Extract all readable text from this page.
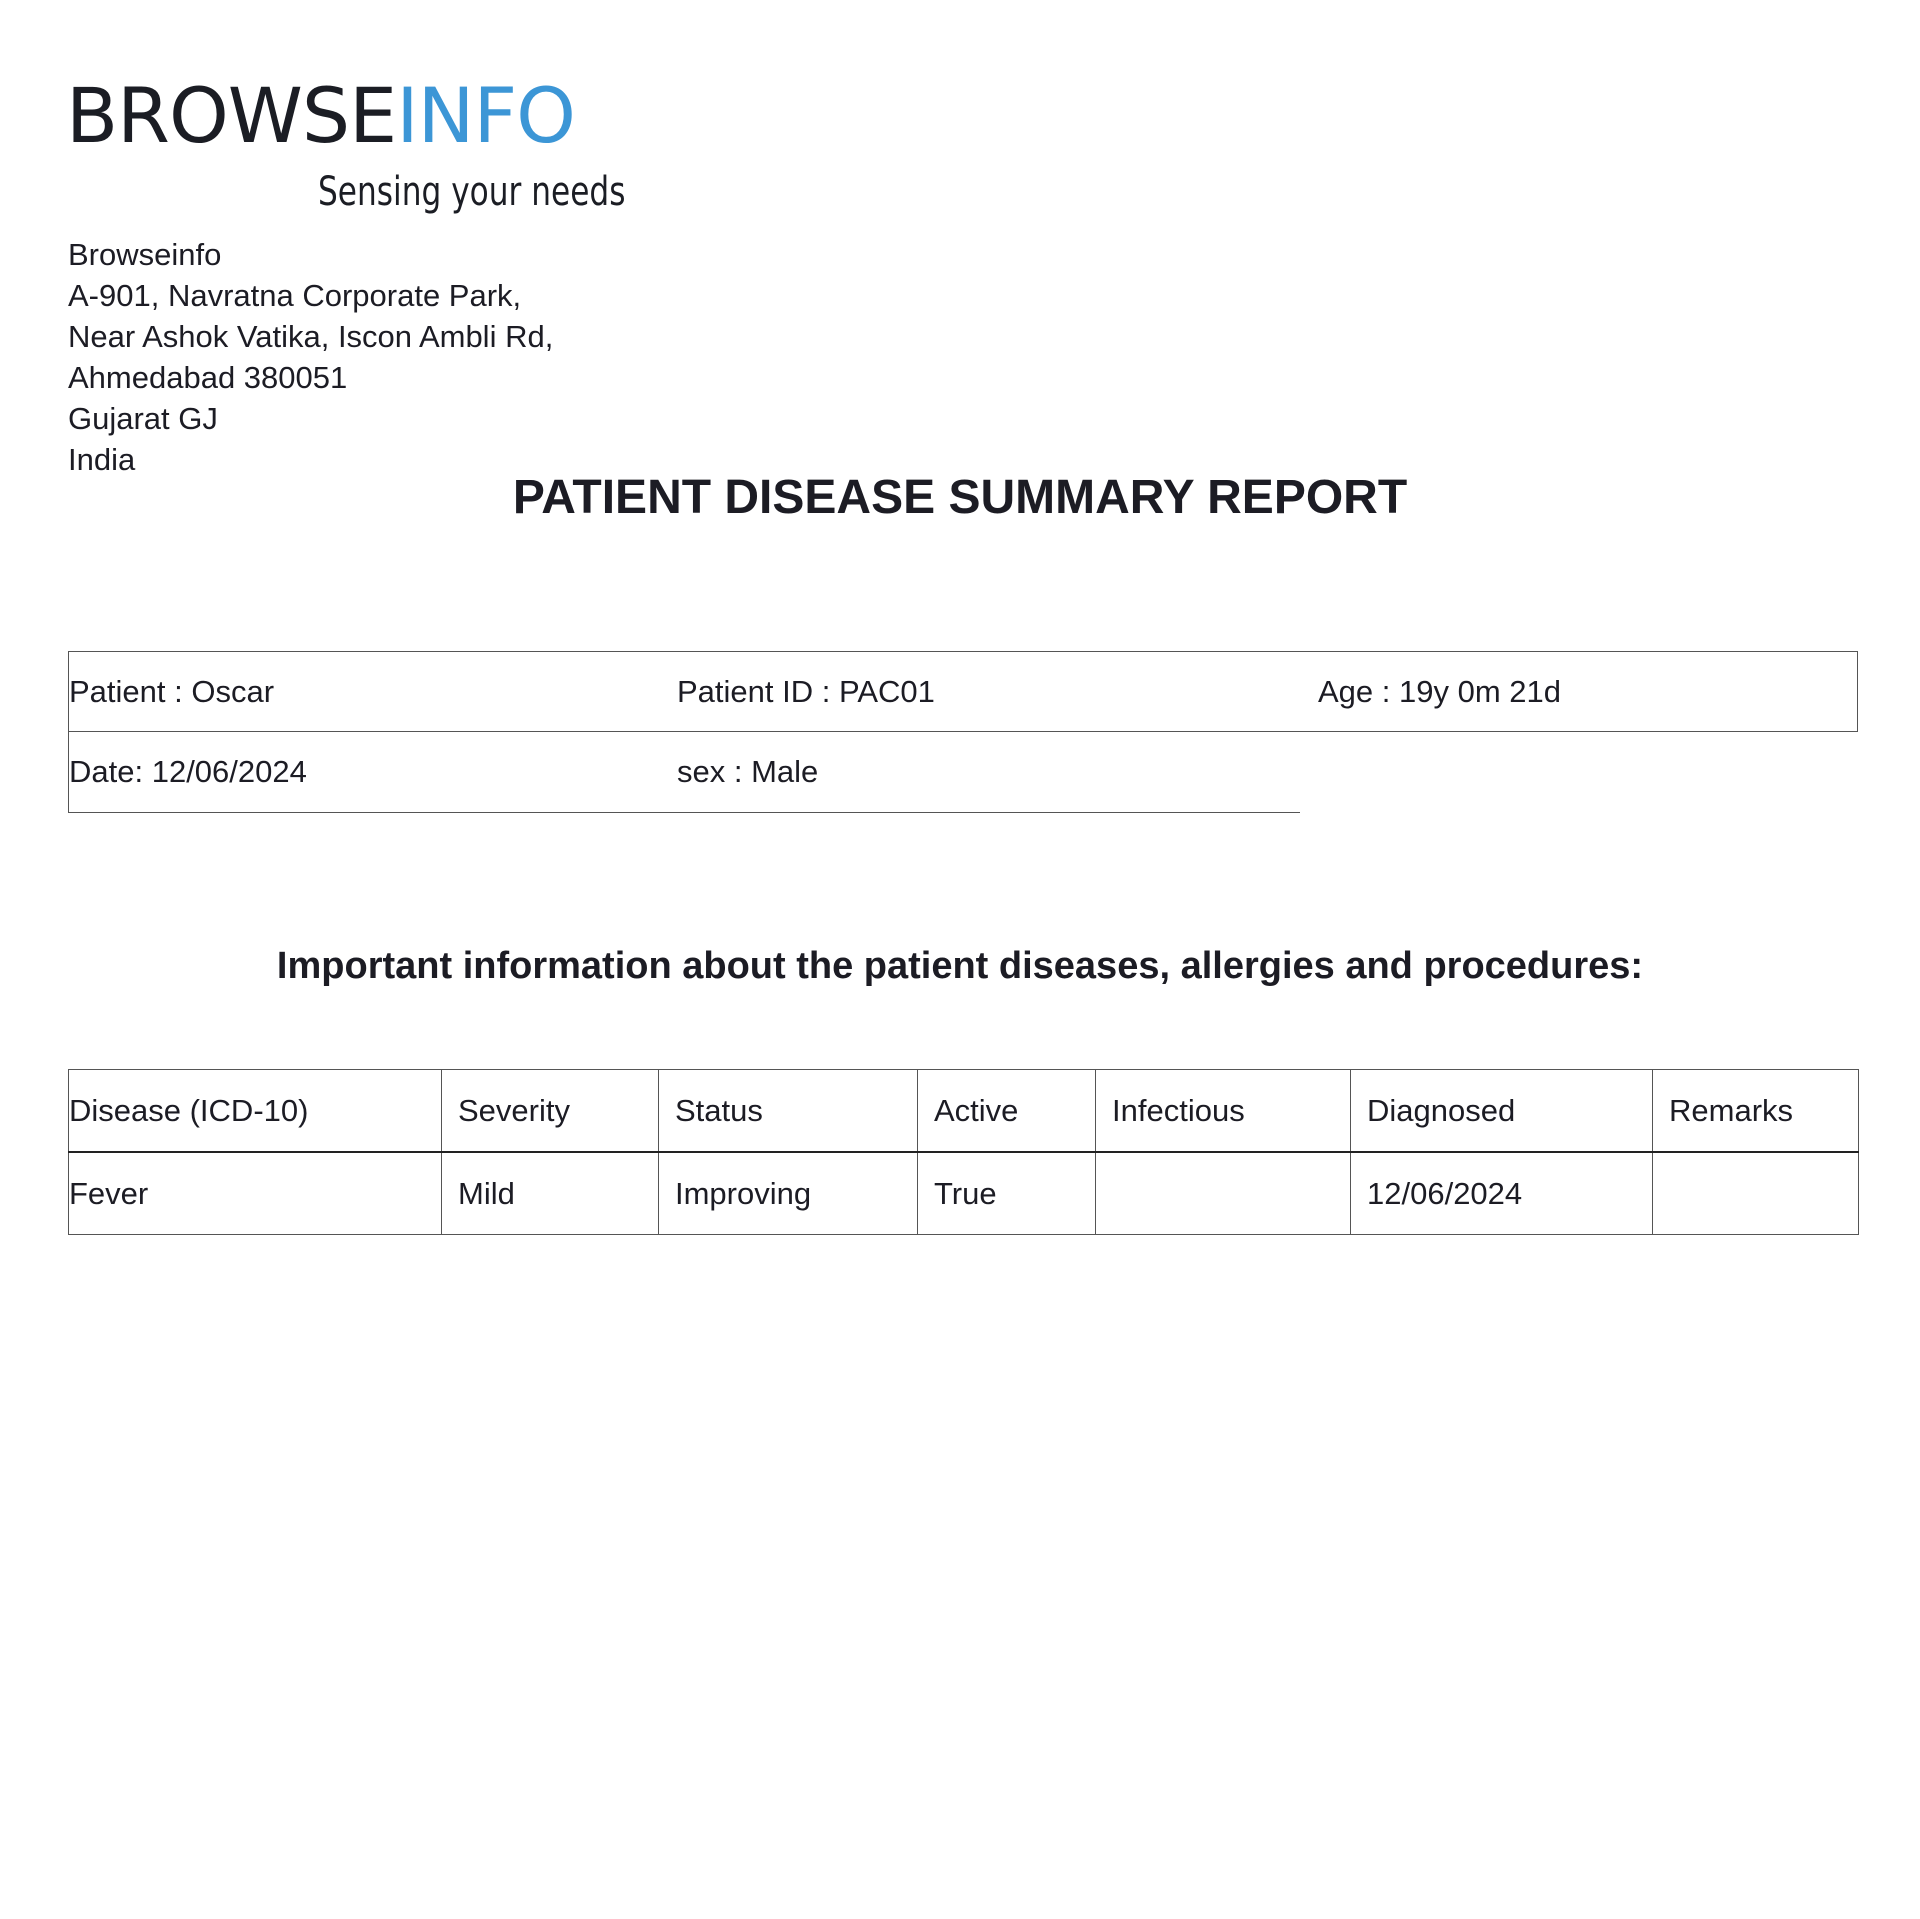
BROWSEINFO
Sensing your needs
Browseinfo
A-901, Navratna Corporate Park,
Near Ashok Vatika, Iscon Ambli Rd,
Ahmedabad 380051
Gujarat GJ
India
PATIENT DISEASE SUMMARY REPORT
Patient : Oscar	Patient ID : PAC01	Age : 19y 0m 21d
Date: 12/06/2024	sex : Male
Important information about the patient diseases, allergies and procedures:
Disease (ICD-10)	Severity	Status	Active	Infectious	Diagnosed	Remarks
Fever	Mild	Improving	True		12/06/2024	
